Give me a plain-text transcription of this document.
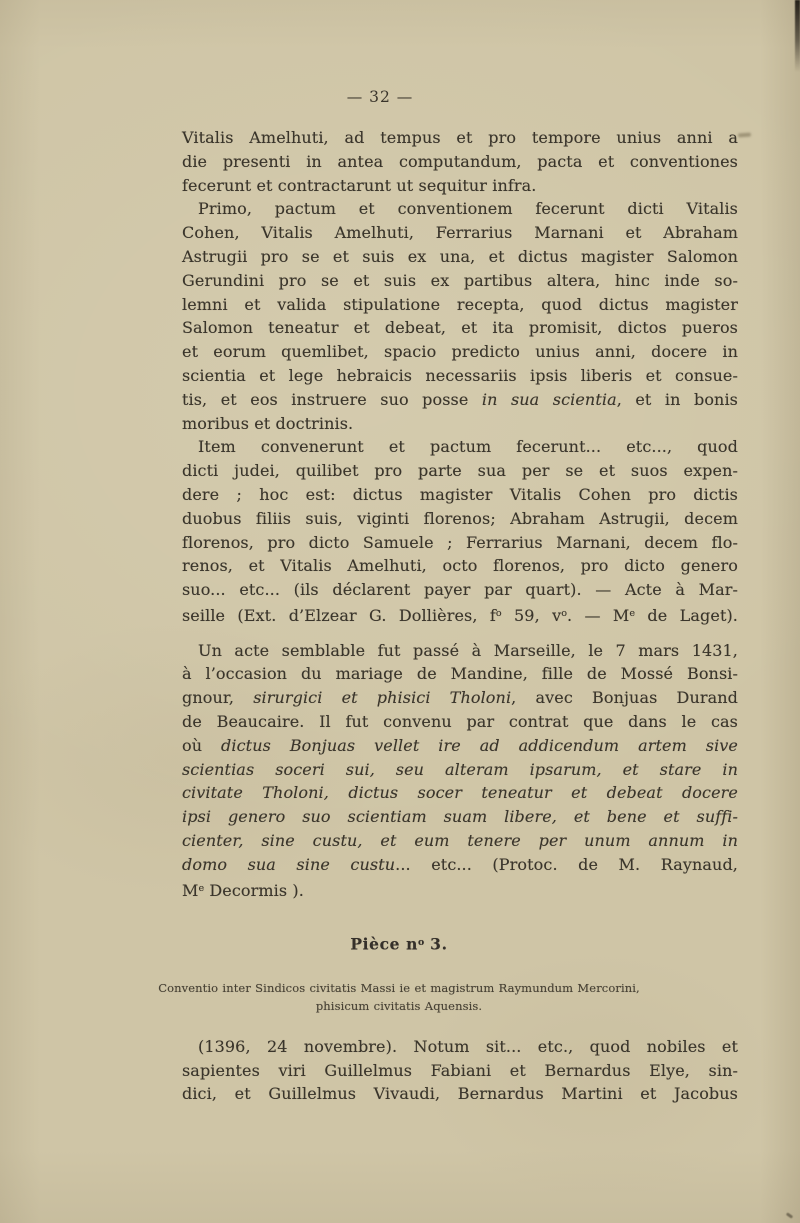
— 32 —
Vitalis Amelhuti, ad tempus et pro tempore unius anni a
die presenti in antea computandum, pacta et conventiones
fecerunt et contractarunt ut sequitur infra.
Primo, pactum et conventionem fecerunt dicti Vitalis
Cohen, Vitalis Amelhuti, Ferrarius Marnani et Abraham
Astrugii pro se et suis ex una, et dictus magister Salomon
Gerundini pro se et suis ex partibus altera, hinc inde so-
lemni et valida stipulatione recepta, quod dictus magister
Salomon teneatur et debeat, et ita promisit, dictos pueros
et eorum quemlibet, spacio predicto unius anni, docere in
scientia et lege hebraicis necessariis ipsis liberis et consue-
tis, et eos instruere suo posse in sua scientia, et in bonis
moribus et doctrinis.
Item convenerunt et pactum fecerunt... etc..., quod
dicti judei, quilibet pro parte sua per se et suos expen-
dere ; hoc est: dictus magister Vitalis Cohen pro dictis
duobus filiis suis, viginti florenos; Abraham Astrugii, decem
florenos, pro dicto Samuele ; Ferrarius Marnani, decem flo-
renos, et Vitalis Amelhuti, octo florenos, pro dicto genero
suo... etc... (ils déclarent payer par quart). — Acte à Mar-
seille (Ext. d’Elzear G. Dollières, $f^o$ 59, $v^o$. — Me de Laget).
Un acte semblable fut passé à Marseille, le 7 mars 1431,
à l’occasion du mariage de Mandine, fille de Mossé Bonsi-
gnour, sirurgici et phisici Tholoni, avec Bonjuas Durand
de Beaucaire. Il fut convenu par contrat que dans le cas
où dictus Bonjuas vellet ire ad addicendum artem sive
scientias soceri sui, seu alteram ipsarum, et stare in
civitate Tholoni, dictus socer teneatur et debeat docere
ipsi genero suo scientiam suam libere, et bene et suffi-
cienter, sine custu, et eum tenere per unum annum in
domo sua sine custu... etc... (Protoc. de M. Raynaud,
Me Decormis ).
Pièce $n^o$ 3.
Conventio inter Sindicos civitatis Massi ie et magistrum Raymundum Mercorini,
phisicum civitatis Aquensis.
(1396, 24 novembre). Notum sit... etc., quod nobiles et
sapientes viri Guillelmus Fabiani et Bernardus Elye, sin-
dici, et Guillelmus Vivaudi, Bernardus Martini et Jacobus
